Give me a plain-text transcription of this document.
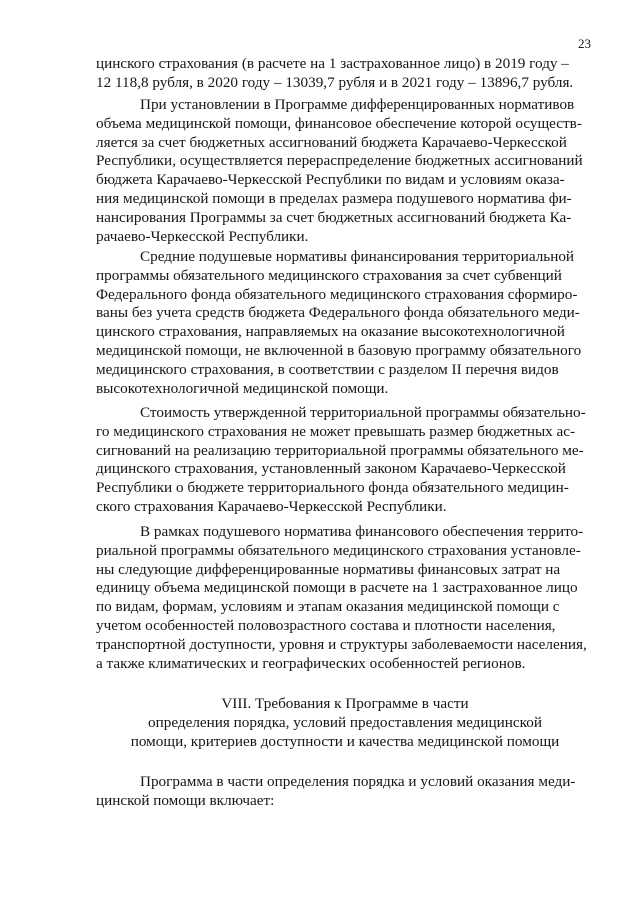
23

цинского страхования (в расчете на 1 застрахованное лицо) в 2019 году –
12 118,8 рубля, в 2020 году – 13039,7 рубля и в 2021 году – 13896,7 рубля.

При установлении в Программе дифференцированных нормативов
объема медицинской помощи, финансовое обеспечение которой осуществ-
ляется за счет бюджетных ассигнований бюджета Карачаево-Черкесской
Республики, осуществляется перераспределение бюджетных ассигнований
бюджета Карачаево-Черкесской Республики по видам и условиям оказа-
ния медицинской помощи в пределах размера подушевого норматива фи-
нансирования Программы за счет бюджетных ассигнований бюджета Ка-
рачаево-Черкесской Республики.

Средние подушевые нормативы финансирования территориальной
программы обязательного медицинского страхования за счет субвенций
Федерального фонда обязательного медицинского страхования сформиро-
ваны без учета средств бюджета Федерального фонда обязательного меди-
цинского страхования, направляемых на оказание высокотехнологичной
медицинской помощи, не включенной в базовую программу обязательного
медицинского страхования, в соответствии с разделом II перечня видов
высокотехнологичной медицинской помощи.

Стоимость утвержденной территориальной программы обязательно-
го медицинского страхования не может превышать размер бюджетных ас-
сигнований на реализацию территориальной программы обязательного ме-
дицинского страхования, установленный законом Карачаево-Черкесской
Республики о бюджете территориального фонда обязательного медицин-
ского страхования Карачаево-Черкесской Республики.

В рамках подушевого норматива финансового обеспечения террито-
риальной программы обязательного медицинского страхования установле-
ны следующие дифференцированные нормативы финансовых затрат на
единицу объема медицинской помощи в расчете на 1 застрахованное лицо
по видам, формам, условиям и этапам оказания медицинской помощи с
учетом особенностей половозрастного состава и плотности населения,
транспортной доступности, уровня и структуры заболеваемости населения,
а также климатических и географических особенностей регионов.

VIII. Требования к Программе в части
определения порядка, условий предоставления медицинской
помощи, критериев доступности и качества медицинской помощи

Программа в части определения порядка и условий оказания меди-
цинской помощи включает:
